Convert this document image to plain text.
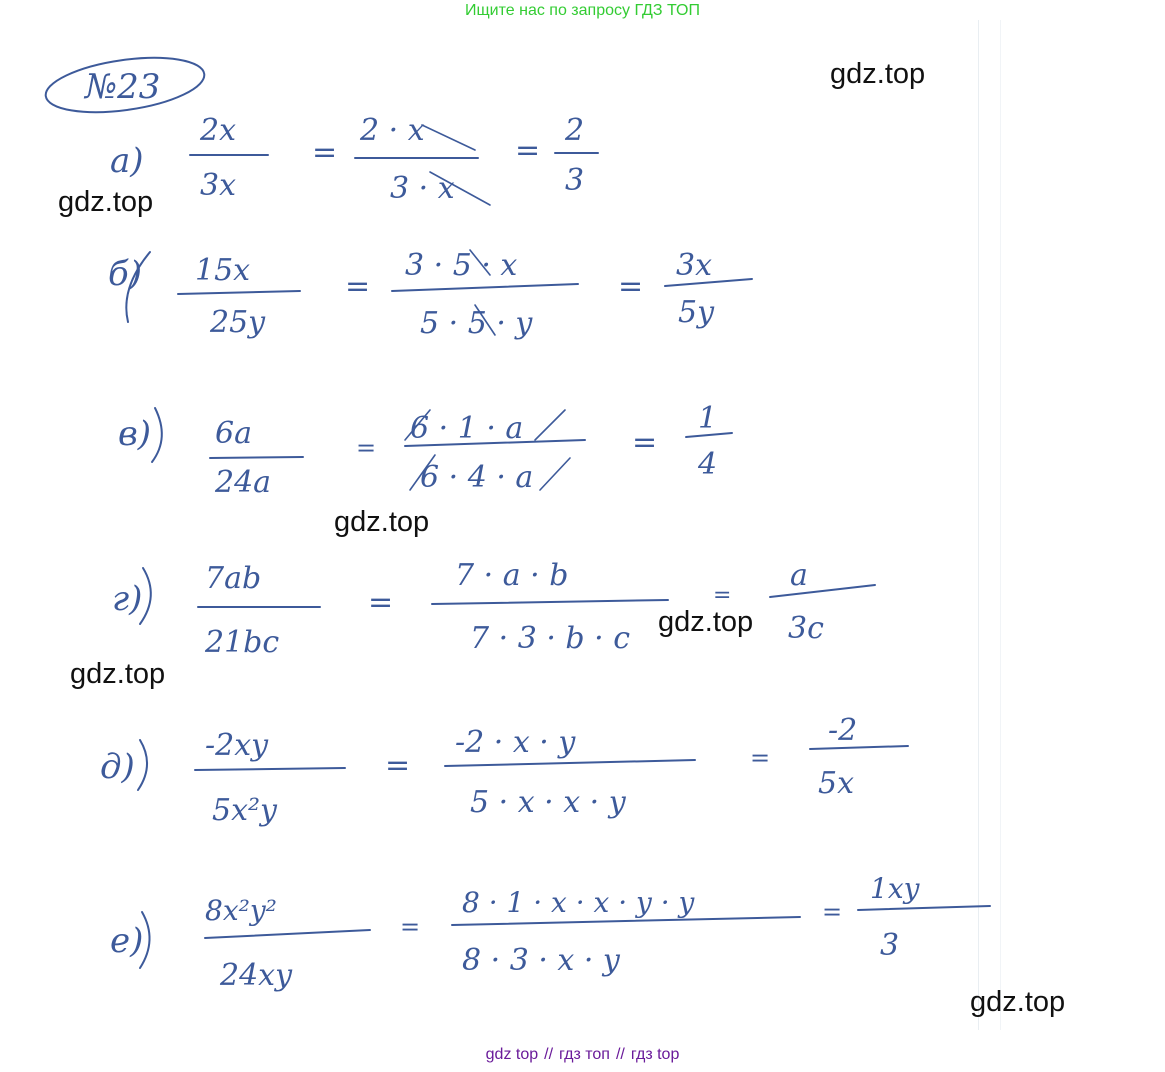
Ищите нас по запросу ГДЗ ТОП
№23
а)
2x
3x
=
2 · x
3 · x
=
2
3
б) 15x
25y
=
3 · 5 · x
5 · 5 · y
=
3x
5y
в) 6a
24a
=
6 · 1 · a
6 · 4 · a
=
1
4
г)
7ab
21bc
=
7 · a · b
7 · 3 · b · c
=
a
3c
д)
-2xy
5x²y
=
-2 · x · y
5 · x · x · y
=
-2
5x
е)
8x²y²
24xy
=
8 · 1 · x · x · y · y
8 · 3 · x · y
=
1xy
3
gdz.top
gdz.top
gdz.top
gdz.top
gdz.top
gdz.top
gdz top // гдз топ // гдз top
